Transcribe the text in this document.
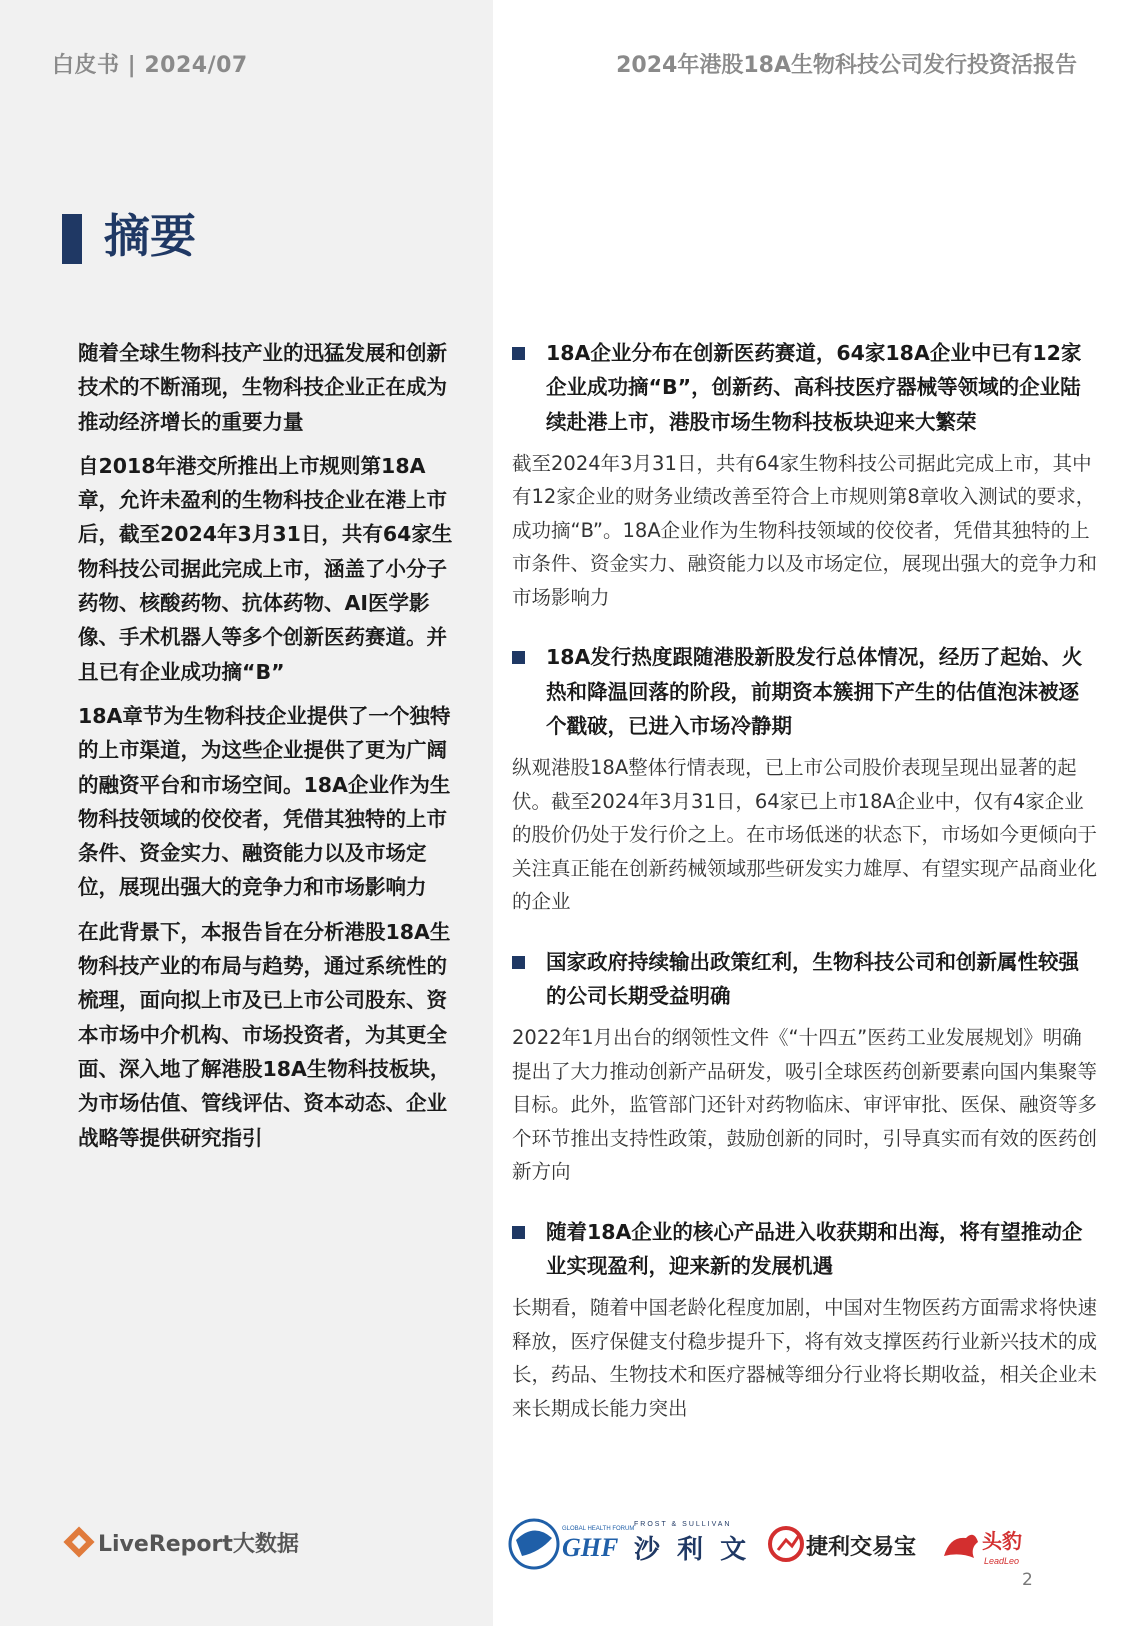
白皮书 | 2024/07	2024年港股18A生物科技公司发行投资活报告
摘要

随着全球生物科技产业的迅猛发展和创新技术的不断涌现，生物科技企业正在成为推动经济增长的重要力量

自2018年港交所推出上市规则第18A章，允许未盈利的生物科技企业在港上市后，截至2024年3月31日，共有64家生物科技公司据此完成上市，涵盖了小分子药物、核酸药物、抗体药物、AI医学影像、手术机器人等多个创新医药赛道。并且已有企业成功摘“B”

18A章节为生物科技企业提供了一个独特的上市渠道，为这些企业提供了更为广阔的融资平台和市场空间。18A企业作为生物科技领域的佼佼者，凭借其独特的上市条件、资金实力、融资能力以及市场定位，展现出强大的竞争力和市场影响力

在此背景下，本报告旨在分析港股18A生物科技产业的布局与趋势，通过系统性的梳理，面向拟上市及已上市公司股东、资本市场中介机构、市场投资者，为其更全面、深入地了解港股18A生物科技板块，为市场估值、管线评估、资本动态、企业战略等提供研究指引

18A企业分布在创新医药赛道，64家18A企业中已有12家企业成功摘“B”，创新药、高科技医疗器械等领域的企业陆续赴港上市，港股市场生物科技板块迎来大繁荣
截至2024年3月31日，共有64家生物科技公司据此完成上市，其中有12家企业的财务业绩改善至符合上市规则第8章收入测试的要求，成功摘“B”。18A企业作为生物科技领域的佼佼者，凭借其独特的上市条件、资金实力、融资能力以及市场定位，展现出强大的竞争力和市场影响力
18A发行热度跟随港股新股发行总体情况，经历了起始、火热和降温回落的阶段，前期资本簇拥下产生的估值泡沫被逐个戳破，已进入市场冷静期
纵观港股18A整体行情表现，已上市公司股价表现呈现出显著的起伏。截至2024年3月31日，64家已上市18A企业中，仅有4家企业的股价仍处于发行价之上。在市场低迷的状态下，市场如今更倾向于关注真正能在创新药械领域那些研发实力雄厚、有望实现产品商业化的企业
国家政府持续输出政策红利，生物科技公司和创新属性较强的公司长期受益明确
2022年1月出台的纲领性文件《“十四五”医药工业发展规划》明确提出了大力推动创新产品研发，吸引全球医药创新要素向国内集聚等目标。此外，监管部门还针对药物临床、审评审批、医保、融资等多个环节推出支持性政策，鼓励创新的同时，引导真实而有效的医药创新方向
随着18A企业的核心产品进入收获期和出海，将有望推动企业实现盈利，迎来新的发展机遇
长期看，随着中国老龄化程度加剧，中国对生物医药方面需求将快速释放，医疗保健支付稳步提升下，将有效支撑医药行业新兴技术的成长，药品、生物技术和医疗器械等细分行业将长期收益，相关企业未来长期成长能力突出
LiveReport大数据
GLOBAL HEALTH FORUM
GHF
FROST & SULLIVAN
沙 利 文	捷利交易宝	头豹
LeadLeo
2
